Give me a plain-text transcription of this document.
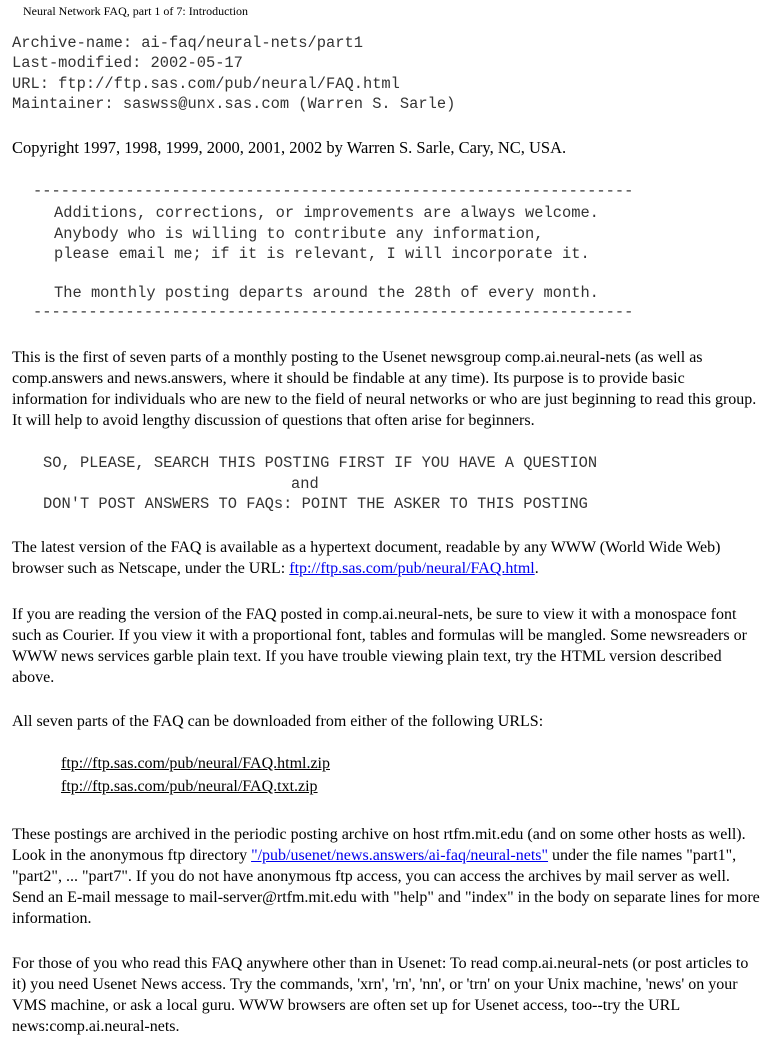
Neural Network FAQ, part 1 of 7: Introduction
Archive-name: ai-faq/neural-nets/part1
Last-modified: 2002-05-17
URL: ftp://ftp.sas.com/pub/neural/FAQ.html
Maintainer: saswss@unx.sas.com (Warren S. Sarle)
Copyright 1997, 1998, 1999, 2000, 2001, 2002 by Warren S. Sarle, Cary, NC, USA.
-----------------------------------------------------------------
Additions, corrections, or improvements are always welcome.
Anybody who is willing to contribute any information,
please email me; if it is relevant, I will incorporate it.
The monthly posting departs around the 28th of every month.
-----------------------------------------------------------------
This is the first of seven parts of a monthly posting to the Usenet newsgroup comp.ai.neural-nets (as well as comp.answers and news.answers, where it should be findable at any time). Its purpose is to provide basic information for individuals who are new to the field of neural networks or who are just beginning to read this group. It will help to avoid lengthy discussion of questions that often arise for beginners.
SO, PLEASE, SEARCH THIS POSTING FIRST IF YOU HAVE A QUESTION
and
DON'T POST ANSWERS TO FAQs: POINT THE ASKER TO THIS POSTING
The latest version of the FAQ is available as a hypertext document, readable by any WWW (World Wide Web) browser such as Netscape, under the URL: ftp://ftp.sas.com/pub/neural/FAQ.html.
If you are reading the version of the FAQ posted in comp.ai.neural-nets, be sure to view it with a monospace font such as Courier. If you view it with a proportional font, tables and formulas will be mangled. Some newsreaders or WWW news services garble plain text. If you have trouble viewing plain text, try the HTML version described above.
All seven parts of the FAQ can be downloaded from either of the following URLS:
ftp://ftp.sas.com/pub/neural/FAQ.html.zip
ftp://ftp.sas.com/pub/neural/FAQ.txt.zip
These postings are archived in the periodic posting archive on host rtfm.mit.edu (and on some other hosts as well). Look in the anonymous ftp directory "/pub/usenet/news.answers/ai-faq/neural-nets" under the file names "part1", "part2", ... "part7". If you do not have anonymous ftp access, you can access the archives by mail server as well. Send an E-mail message to mail-server@rtfm.mit.edu with "help" and "index" in the body on separate lines for more information.
For those of you who read this FAQ anywhere other than in Usenet: To read comp.ai.neural-nets (or post articles to it) you need Usenet News access. Try the commands, 'xrn', 'rn', 'nn', or 'trn' on your Unix machine, 'news' on your VMS machine, or ask a local guru. WWW browsers are often set up for Usenet access, too--try the URL news:comp.ai.neural-nets.
